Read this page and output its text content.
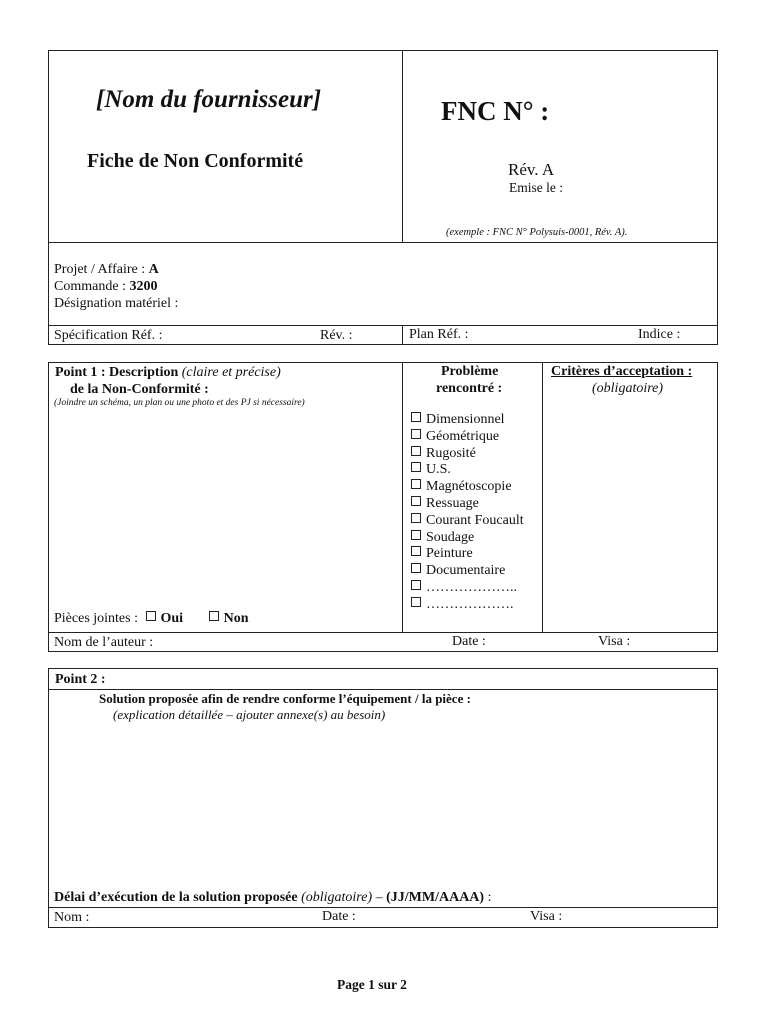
[Nom du fournisseur]
Fiche de Non Conformité
FNC N° :
Rév. A
Emise le :
(exemple : FNC N° Polysuis-0001, Rév. A).
Projet / Affaire : A
Commande : 3200
Désignation matériel :
Spécification Réf. :	Rév. :	Plan Réf. :	Indice :
Point 1 : Description (claire et précise)
de la Non-Conformité :
(Joindre un schéma, un plan ou une photo et des PJ si nécessaire)
Problème
rencontré :
Critères d’acceptation :
(obligatoire)
Dimensionnel
Géométrique
Rugosité
U.S.
Magnétoscopie
Ressuage
Courant Foucault
Soudage
Peinture
Documentaire
………………..
……………….
Pièces jointes : Oui	Non
Nom de l’auteur :	Date :	Visa :
Point 2 :
Solution proposée afin de rendre conforme l’équipement / la pièce :
(explication détaillée – ajouter annexe(s) au besoin)
Délai d’exécution de la solution proposée (obligatoire) – (JJ/MM/AAAA) :
Nom :	Date :	Visa :
Page 1 sur 2
